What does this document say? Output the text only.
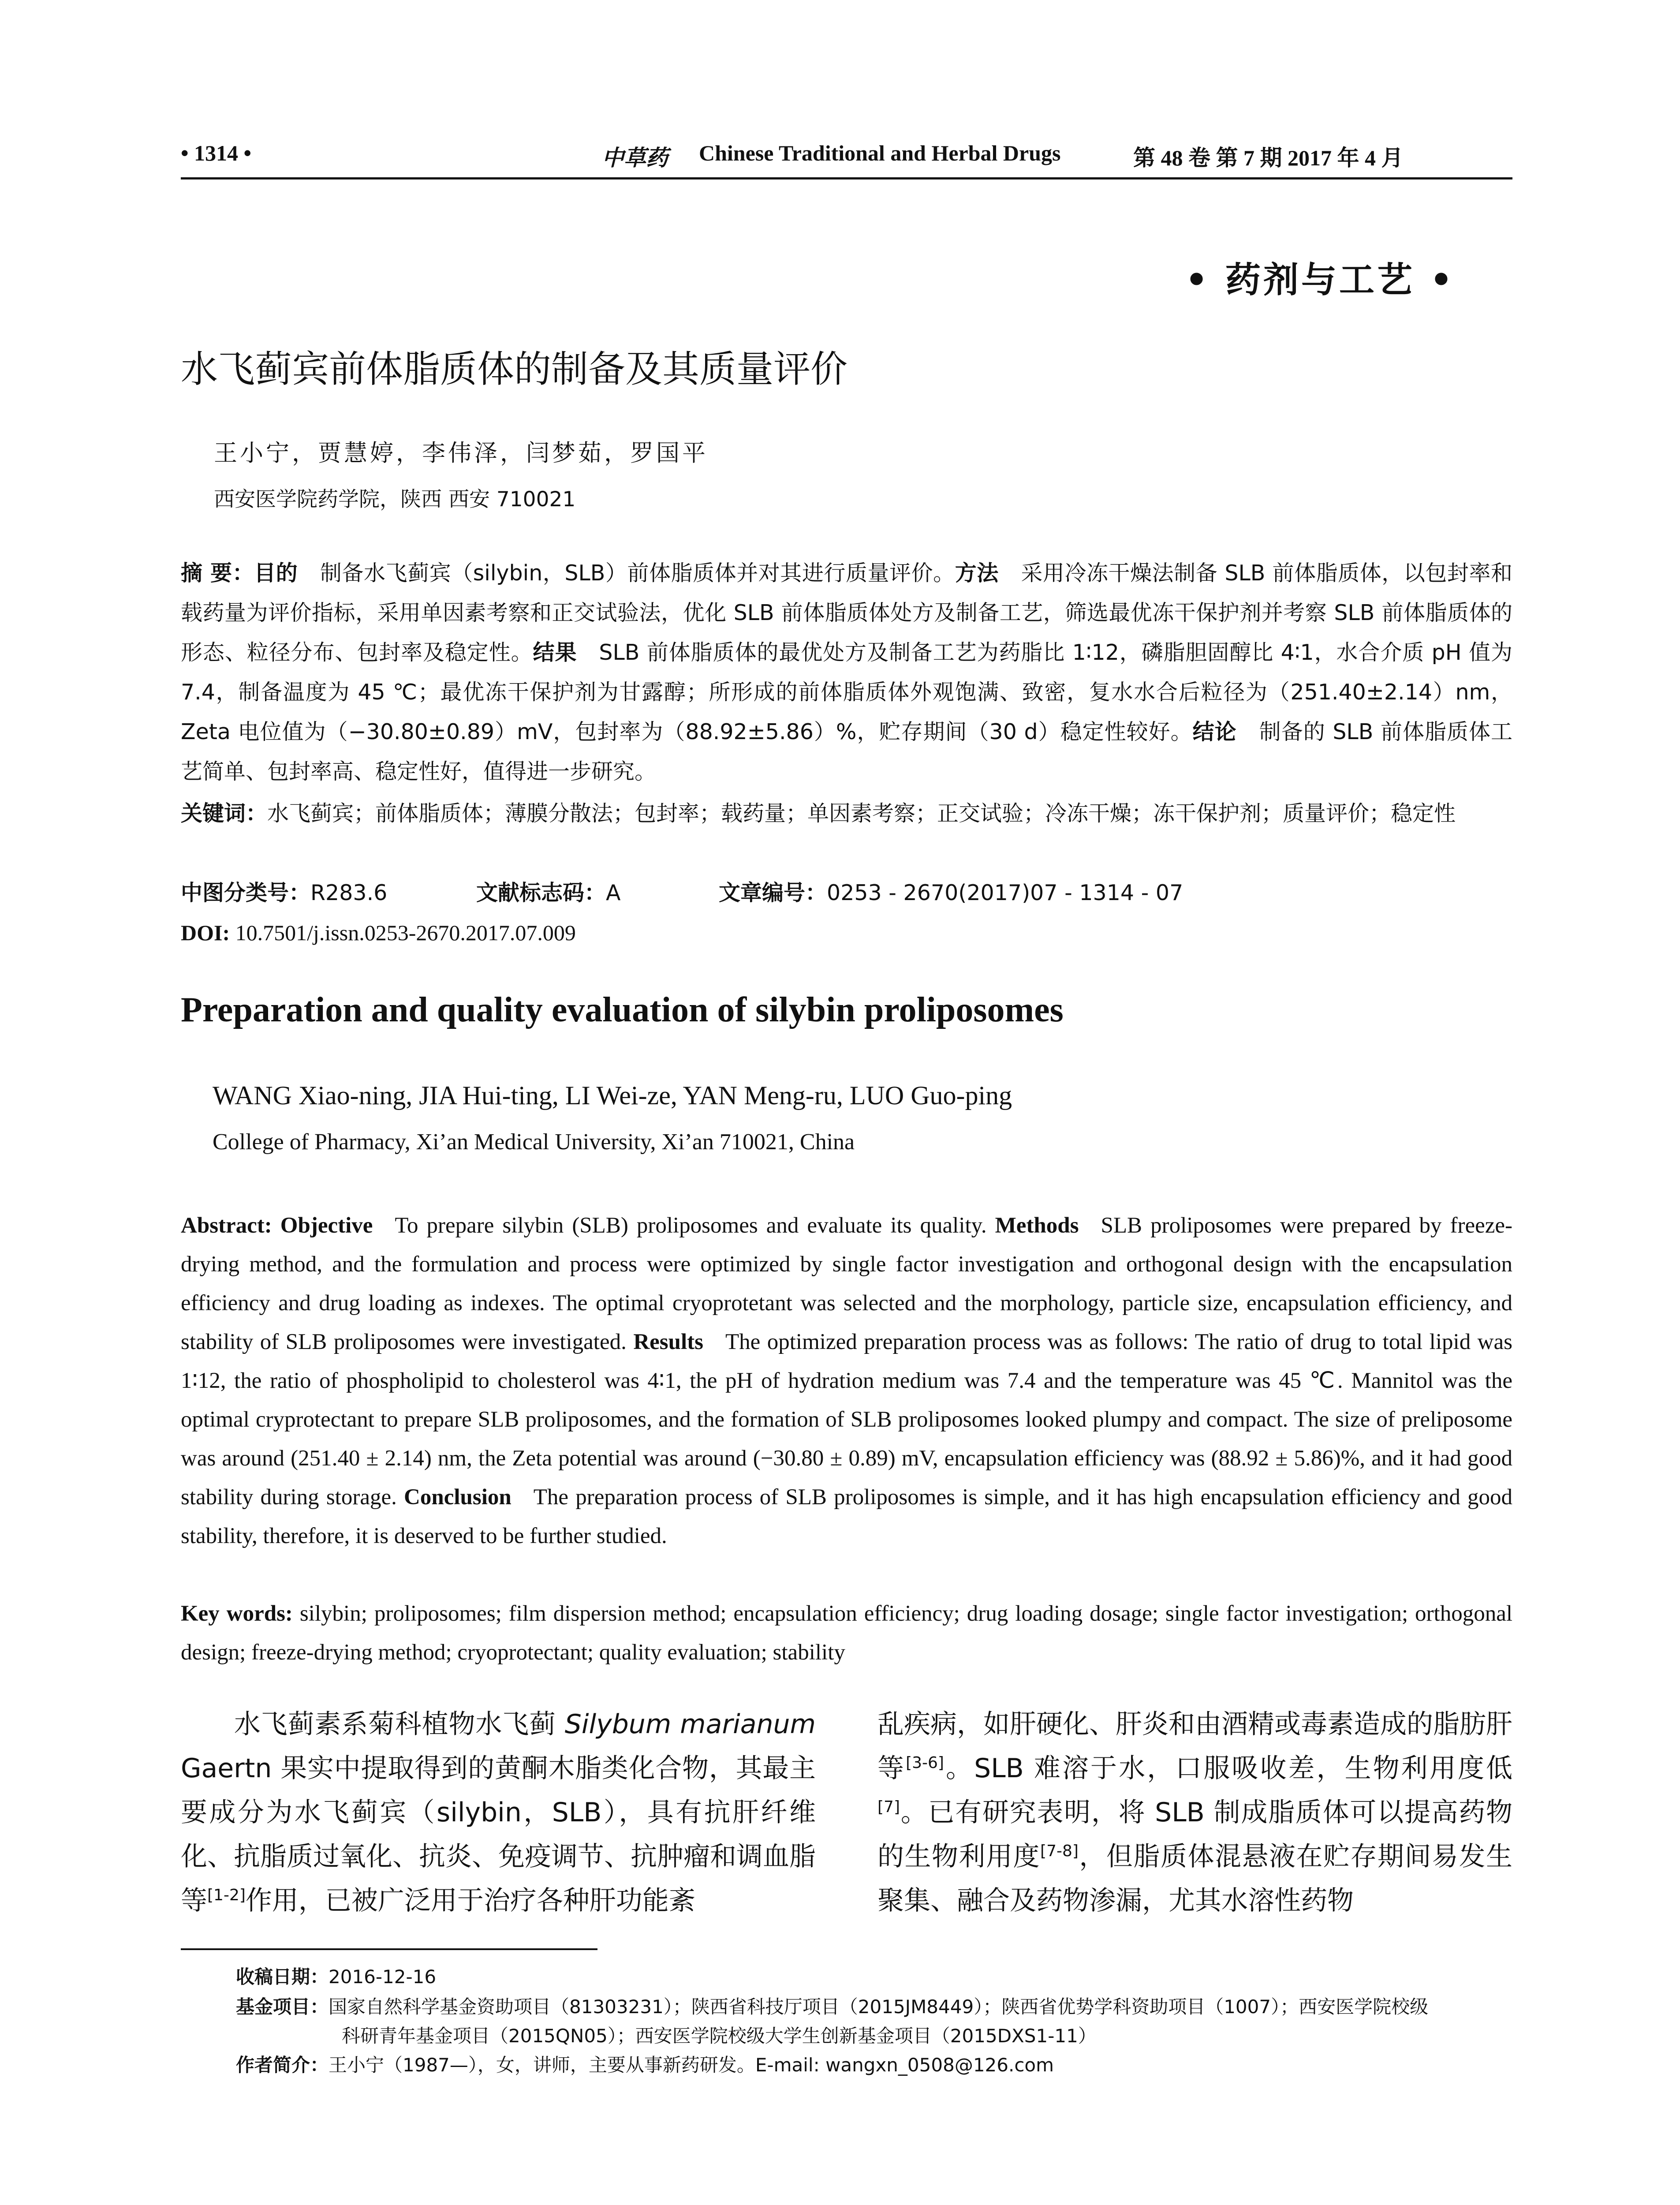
• 1314 •	中草药 Chinese Traditional and Herbal Drugs	第 48 卷 第 7 期 2017 年 4 月
• 药剂与工艺 •
水飞蓟宾前体脂质体的制备及其质量评价
王小宁，贾慧婷，李伟泽，闫梦茹，罗国平
西安医学院药学院，陕西 西安 710021
摘 要：目的 制备水飞蓟宾（silybin，SLB）前体脂质体并对其进行质量评价。方法 采用冷冻干燥法制备 SLB 前体脂质体，以包封率和载药量为评价指标，采用单因素考察和正交试验法，优化 SLB 前体脂质体处方及制备工艺，筛选最优冻干保护剂并考察 SLB 前体脂质体的形态、粒径分布、包封率及稳定性。结果 SLB 前体脂质体的最优处方及制备工艺为药脂比 1∶12，磷脂胆固醇比 4∶1，水合介质 pH 值为 7.4，制备温度为 45 ℃；最优冻干保护剂为甘露醇；所形成的前体脂质体外观饱满、致密，复水水合后粒径为（251.40±2.14）nm，Zeta 电位值为（−30.80±0.89）mV，包封率为（88.92±5.86）%，贮存期间（30 d）稳定性较好。结论 制备的 SLB 前体脂质体工艺简单、包封率高、稳定性好，值得进一步研究。
关键词：水飞蓟宾；前体脂质体；薄膜分散法；包封率；载药量；单因素考察；正交试验；冷冻干燥；冻干保护剂；质量评价；稳定性
中图分类号：R283.6	文献标志码：A	文章编号：0253 - 2670(2017)07 - 1314 - 07
DOI: 10.7501/j.issn.0253-2670.2017.07.009
Preparation and quality evaluation of silybin proliposomes
WANG Xiao-ning, JIA Hui-ting, LI Wei-ze, YAN Meng-ru, LUO Guo-ping
College of Pharmacy, Xi’an Medical University, Xi’an 710021, China
Abstract: Objective To prepare silybin (SLB) proliposomes and evaluate its quality. Methods SLB proliposomes were prepared by freeze-drying method, and the formulation and process were optimized by single factor investigation and orthogonal design with the encapsulation efficiency and drug loading as indexes. The optimal cryoprotetant was selected and the morphology, particle size, encapsulation efficiency, and stability of SLB proliposomes were investigated. Results The optimized preparation process was as follows: The ratio of drug to total lipid was 1∶12, the ratio of phospholipid to cholesterol was 4∶1, the pH of hydration medium was 7.4 and the temperature was 45 ℃. Mannitol was the optimal cryprotectant to prepare SLB proliposomes, and the formation of SLB proliposomes looked plumpy and compact. The size of preliposome was around (251.40 ± 2.14) nm, the Zeta potential was around (−30.80 ± 0.89) mV, encapsulation efficiency was (88.92 ± 5.86)%, and it had good stability during storage. Conclusion The preparation process of SLB proliposomes is simple, and it has high encapsulation efficiency and good stability, therefore, it is deserved to be further studied.
Key words: silybin; proliposomes; film dispersion method; encapsulation efficiency; drug loading dosage; single factor investigation; orthogonal design; freeze-drying method; cryoprotectant; quality evaluation; stability
水飞蓟素系菊科植物水飞蓟 Silybum marianum Gaertn 果实中提取得到的黄酮木脂类化合物，其最主要成分为水飞蓟宾（silybin，SLB），具有抗肝纤维化、抗脂质过氧化、抗炎、免疫调节、抗肿瘤和调血脂等[1-2]作用，已被广泛用于治疗各种肝功能紊
乱疾病，如肝硬化、肝炎和由酒精或毒素造成的脂肪肝等[3-6]。SLB 难溶于水，口服吸收差，生物利用度低[7]。已有研究表明，将 SLB 制成脂质体可以提高药物的生物利用度[7-8]，但脂质体混悬液在贮存期间易发生聚集、融合及药物渗漏，尤其水溶性药物
收稿日期：2016-12-16
基金项目：国家自然科学基金资助项目（81303231）；陕西省科技厅项目（2015JM8449）；陕西省优势学科资助项目（1007）；西安医学院校级
科研青年基金项目（2015QN05）；西安医学院校级大学生创新基金项目（2015DXS1-11）
作者简介：王小宁（1987—），女，讲师，主要从事新药研发。E-mail: wangxn_0508@126.com
